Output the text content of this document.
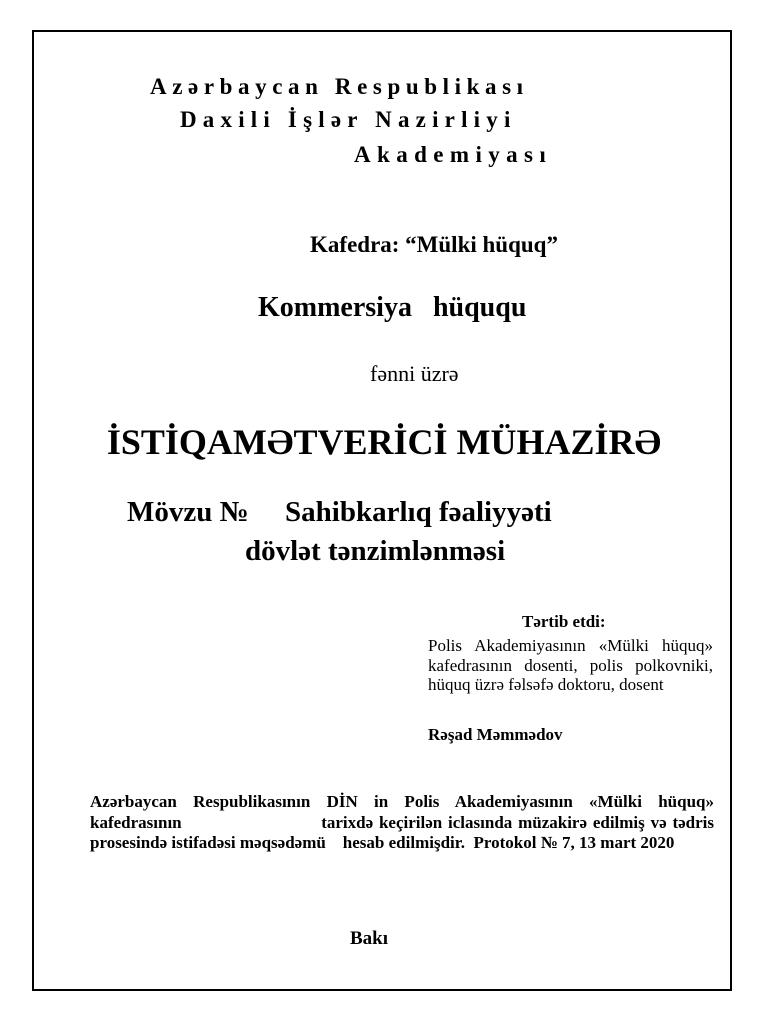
Azərbaycan Respublikası
Daxili İşlər Nazirliyi
Akademiyası
Kafedra: “Mülki hüquq”
Kommersiya   hüququ
fənni üzrə
İSTİQAMƏTVERİCİ MÜHAZİRƏ
Mövzu №     Sahibkarlıq fəaliyyəti
dövlət tənzimlənməsi
Tərtib etdi:
Polis Akademiyasının «Mülki hüquq» kafedrasının dosenti, polis polkovniki, hüquq üzrə fəlsəfə doktoru, dosent
Rəşad Məmmədov
Azərbaycan Respublikasının DİN in Polis Akademiyasının «Mülki hüquq» kafedrasının                        tarixdə keçirilən iclasında müzakirə edilmiş və tədris prosesində istifadəsi məqsədəmü    hesab edilmişdir.  Protokol № 7, 13 mart 2020
Bakı
